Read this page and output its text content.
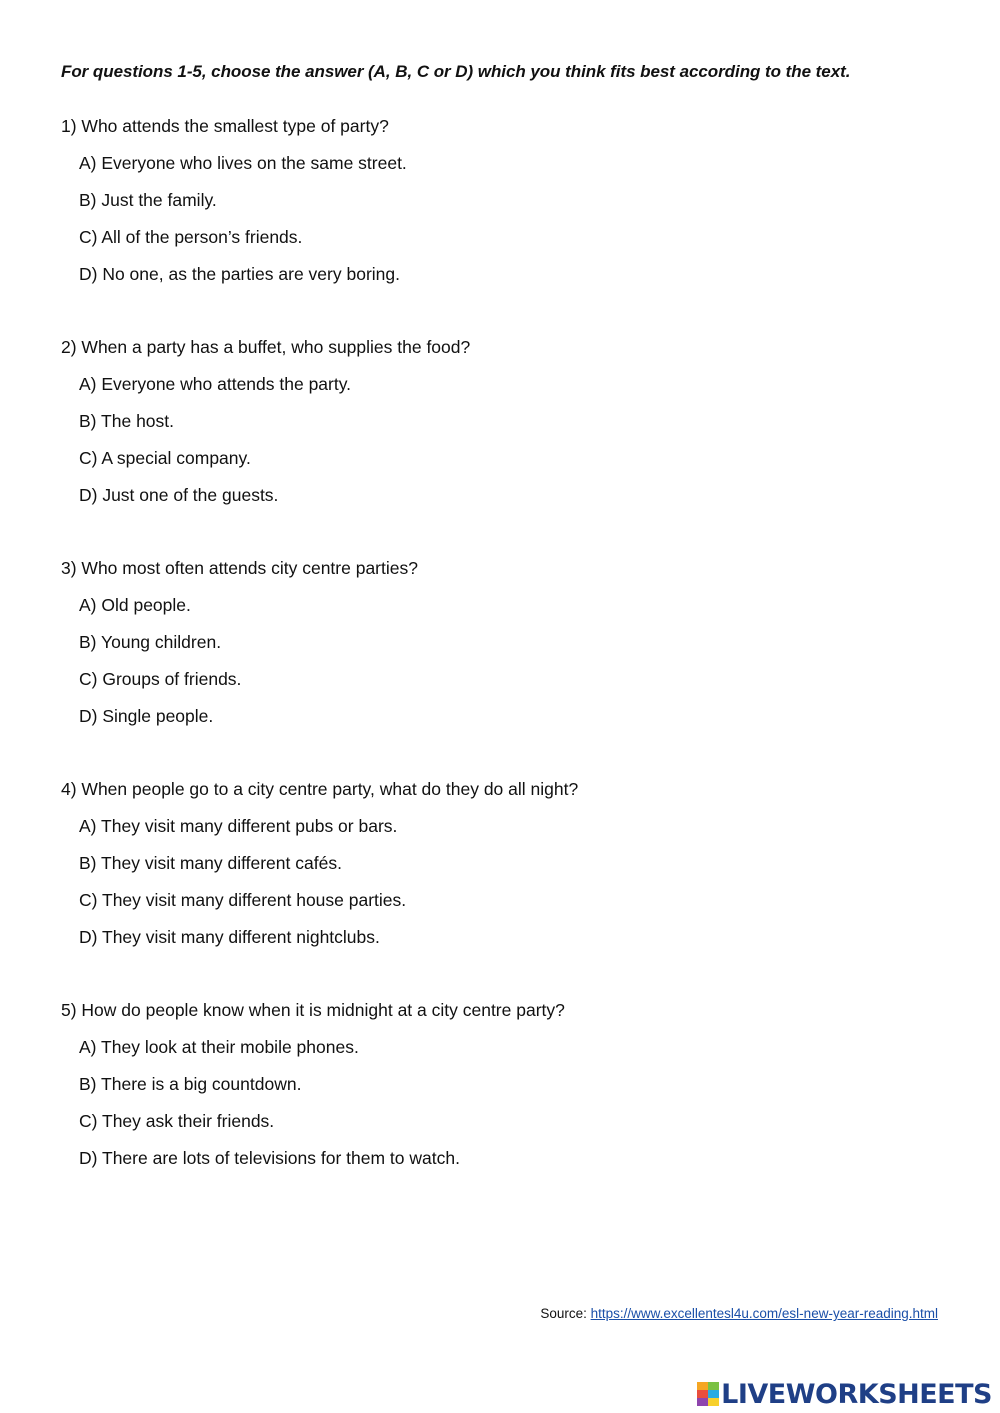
For questions 1-5, choose the answer (A, B, C or D) which you think fits best according to the text.
1) Who attends the smallest type of party?
A) Everyone who lives on the same street.
B) Just the family.
C) All of the person’s friends.
D) No one, as the parties are very boring.
2) When a party has a buffet, who supplies the food?
A) Everyone who attends the party.
B) The host.
C) A special company.
D) Just one of the guests.
3) Who most often attends city centre parties?
A) Old people.
B) Young children.
C) Groups of friends.
D) Single people.
4) When people go to a city centre party, what do they do all night?
A) They visit many different pubs or bars.
B) They visit many different cafés.
C) They visit many different house parties.
D) They visit many different nightclubs.
5) How do people know when it is midnight at a city centre party?
A) They look at their mobile phones.
B) There is a big countdown.
C) They ask their friends.
D) There are lots of televisions for them to watch.
Source: https://www.excellentesl4u.com/esl-new-year-reading.html
LIVEWORKSHEETS
